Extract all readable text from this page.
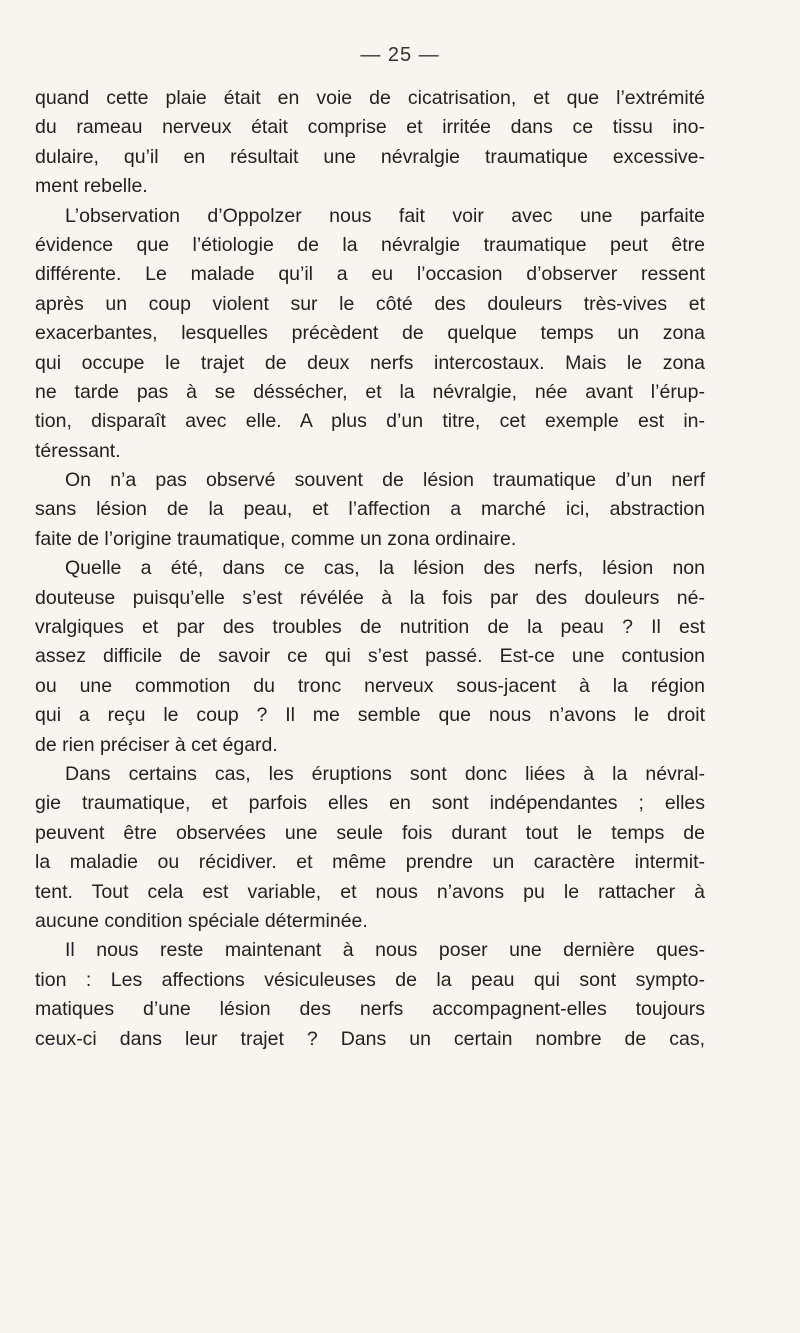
— 25 —
quand cette plaie était en voie de cicatrisation, et que l’extrémité
du rameau nerveux était comprise et irritée dans ce tissu ino-
dulaire, qu’il en résultait une névralgie traumatique excessive-
ment rebelle.
L’observation d’Oppolzer nous fait voir avec une parfaite
évidence que l’étiologie de la névralgie traumatique peut être
différente. Le malade qu’il a eu l’occasion d’observer ressent
après un coup violent sur le côté des douleurs très-vives et
exacerbantes, lesquelles précèdent de quelque temps un zona
qui occupe le trajet de deux nerfs intercostaux. Mais le zona
ne tarde pas à se déssécher, et la névralgie, née avant l’érup-
tion, disparaît avec elle. A plus d’un titre, cet exemple est in-
téressant.
On n’a pas observé souvent de lésion traumatique d’un nerf
sans lésion de la peau, et l’affection a marché ici, abstraction
faite de l’origine traumatique, comme un zona ordinaire.
Quelle a été, dans ce cas, la lésion des nerfs, lésion non
douteuse puisqu’elle s’est révélée à la fois par des douleurs né-
vralgiques et par des troubles de nutrition de la peau ? Il est
assez difficile de savoir ce qui s’est passé. Est-ce une contusion
ou une commotion du tronc nerveux sous-jacent à la région
qui a reçu le coup ? Il me semble que nous n’avons le droit
de rien préciser à cet égard.
Dans certains cas, les éruptions sont donc liées à la névral-
gie traumatique, et parfois elles en sont indépendantes ; elles
peuvent être observées une seule fois durant tout le temps de
la maladie ou récidiver. et même prendre un caractère intermit-
tent. Tout cela est variable, et nous n’avons pu le rattacher à
aucune condition spéciale déterminée.
Il nous reste maintenant à nous poser une dernière ques-
tion : Les affections vésiculeuses de la peau qui sont sympto-
matiques d’une lésion des nerfs accompagnent-elles toujours
ceux-ci dans leur trajet ? Dans un certain nombre de cas,
